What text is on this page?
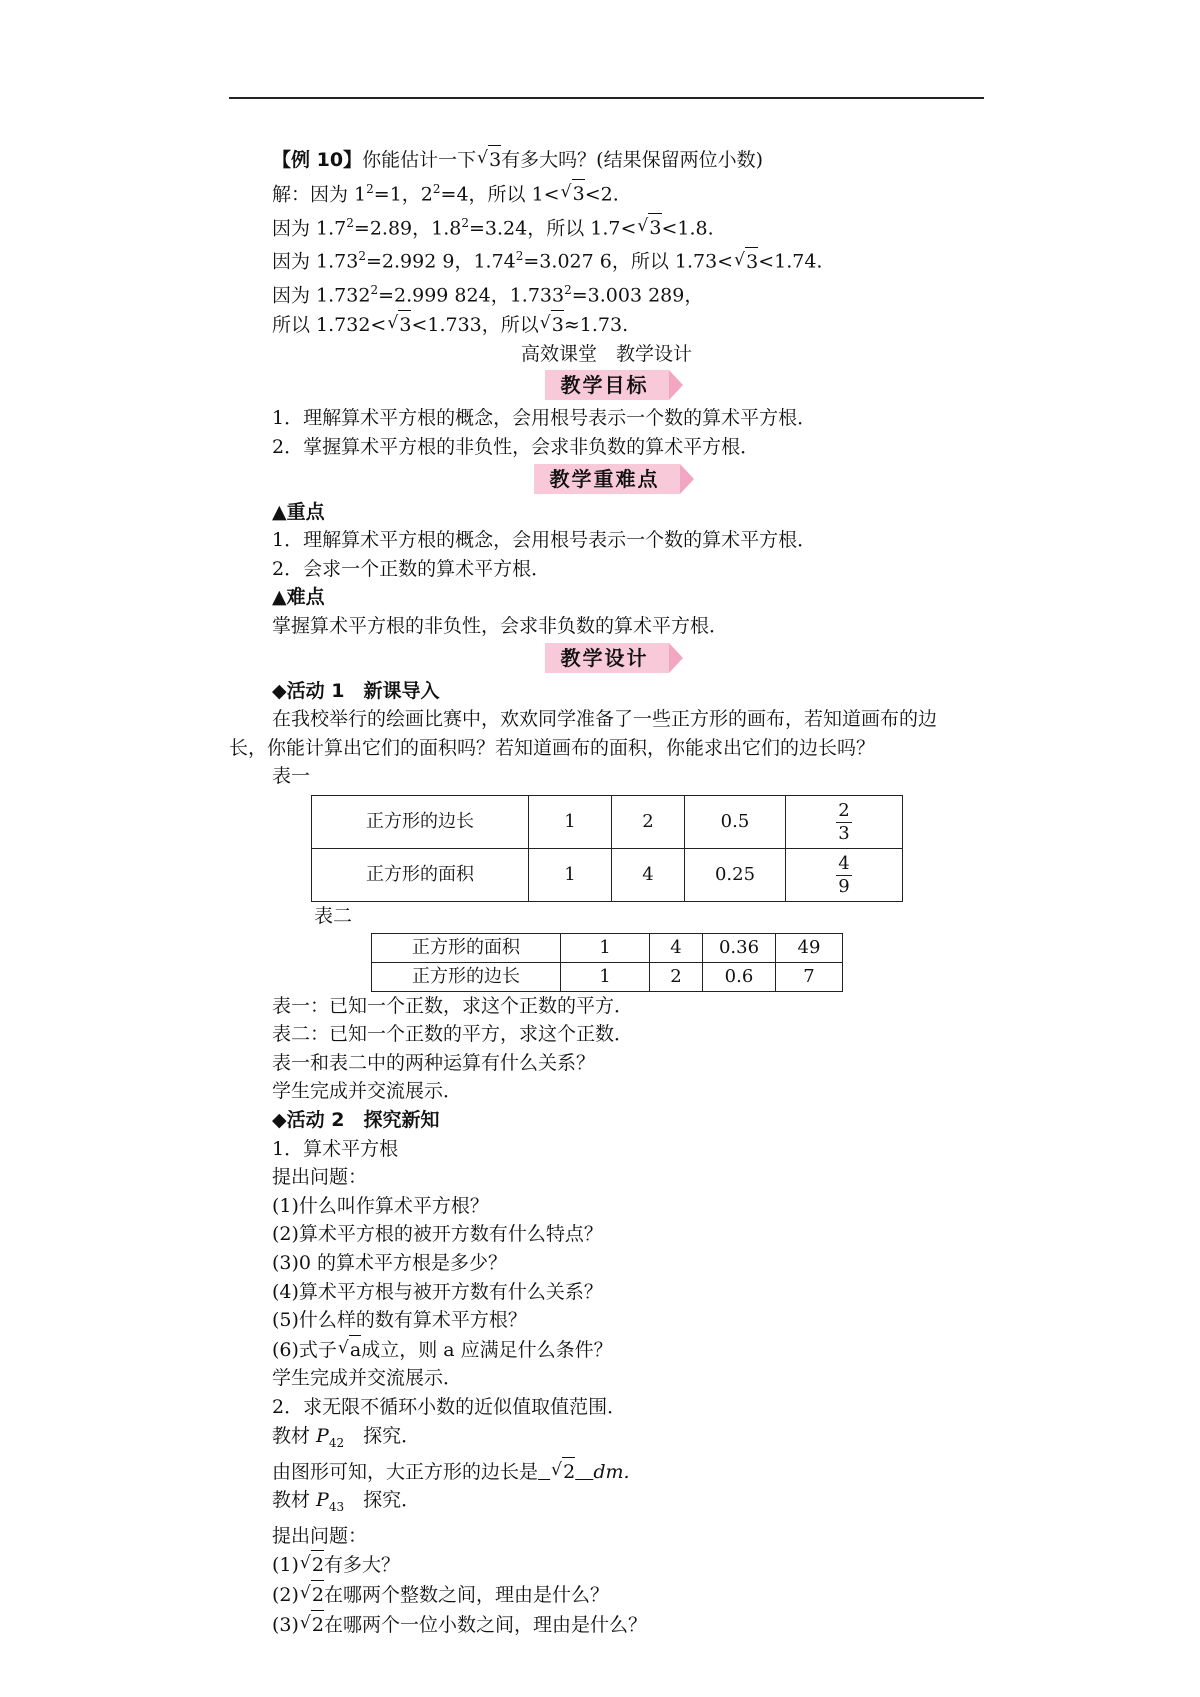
【例 10】你能估计一下 √ 3有多大吗？(结果保留两位小数)
解：因为 $1^2=1$，$2^2=4$，所以 1< √ 3<2.
因为 $1.7^2=2.89$，$1.8^2=3.24$，所以 1.7< √ 3<1.8.
因为 $1.73^2=2.992$ 9，$1.74^2=3.027$ 6，所以 1.73< √ 3<1.74.
因为 $1.732^2=2.999$ 824，$1.733^2=3.003$ 289，
所以 1.732< √ 3<1.733，所以 √ 3≈1.73.
高效课堂　教学设计
教学目标
1．理解算术平方根的概念，会用根号表示一个数的算术平方根．
2．掌握算术平方根的非负性，会求非负数的算术平方根．
教学重难点
▲重点
1．理解算术平方根的概念，会用根号表示一个数的算术平方根．
2．会求一个正数的算术平方根．
▲难点
掌握算术平方根的非负性，会求非负数的算术平方根．
教学设计
◆活动 1　新课导入
在我校举行的绘画比赛中，欢欢同学准备了一些正方形的画布，若知道画布的边长，你能计算出它们的面积吗？若知道画布的面积，你能求出它们的边长吗？
表一
正方形的边长	1	2	0.5	$\frac{2}{3}$

正方形的面积	1	4	0.25	$\frac{4}{9}$
表二
正方形的面积	1	4	0.36	49
正方形的边长	1	2	0.6	7
表一：已知一个正数，求这个正数的平方．
表二：已知一个正数的平方，求这个正数．
表一和表二中的两种运算有什么关系？
学生完成并交流展示．
◆活动 2　探究新知
1．算术平方根
提出问题：
(1)什么叫作算术平方根？
(2)算术平方根的被开方数有什么特点？
(3)0 的算术平方根是多少？
(4)算术平方根与被开方数有什么关系？
(5)什么样的数有算术平方根？
(6)式子 √ a成立，则 a 应满足什么条件？
学生完成并交流展示．
2．求无限不循环小数的近似值取值范围．
教材 $P_{42}$　探究．
由图形可知，大正方形的边长是 √ 2 dm.
教材 $P_{43}$　探究．
提出问题：
(1) √ 2有多大？
(2) √ 2在哪两个整数之间，理由是什么？
(3) √ 2在哪两个一位小数之间，理由是什么？
